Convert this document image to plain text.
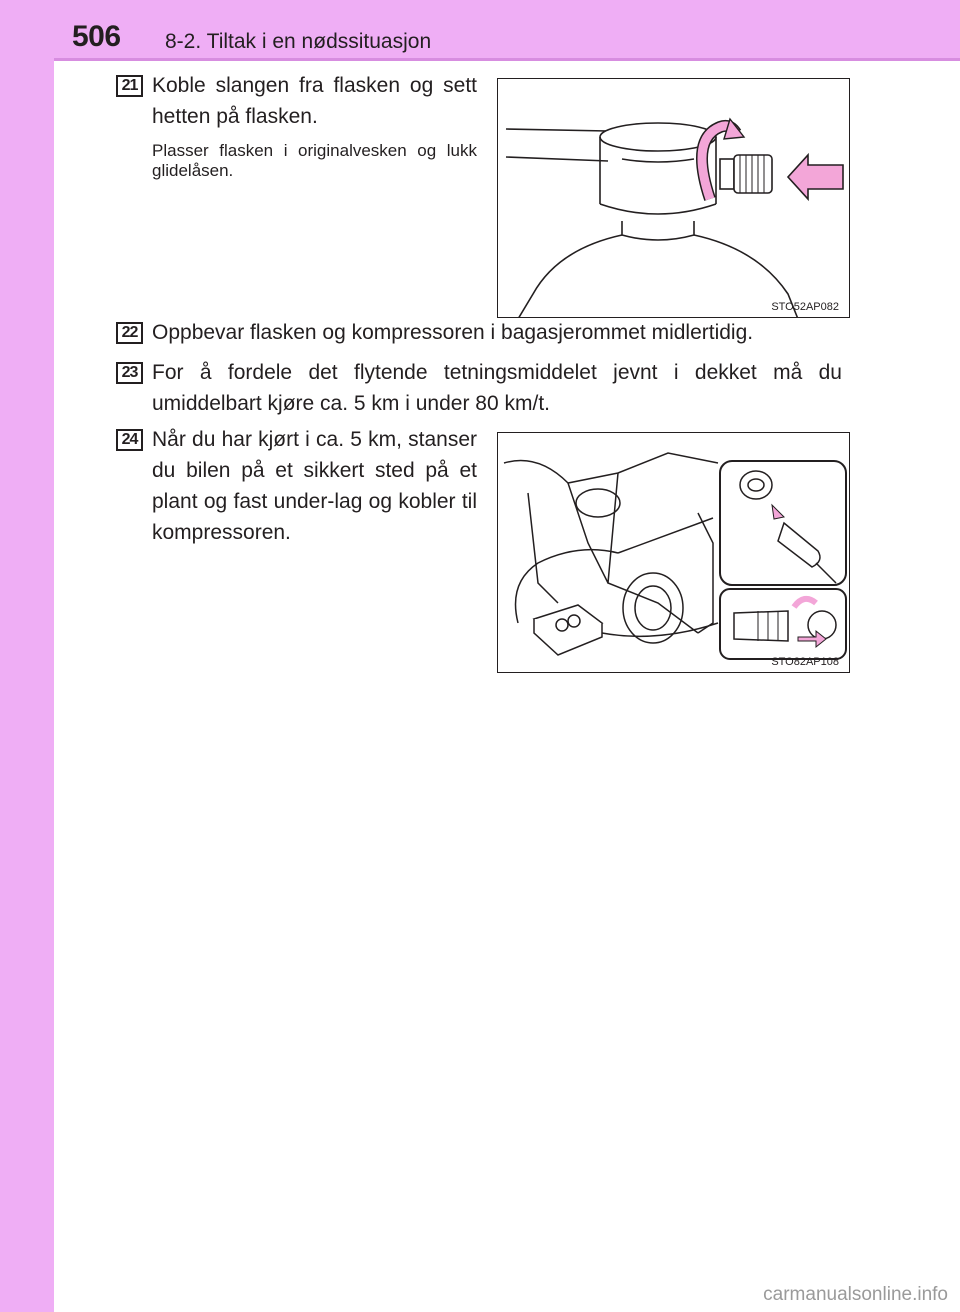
506 8-2. Tiltak i en nødssituasjon
21 Koble slangen fra flasken og sett hetten på flasken.
Plasser flasken i originalvesken og lukk glidelåsen.
STO52AP082
22 Oppbevar flasken og kompressoren i bagasjerommet midlertidig.
23 For å fordele det flytende tetningsmiddelet jevnt i dekket må du umiddelbart kjøre ca. 5 km i under 80 km/t.
24 Når du har kjørt i ca. 5 km, stanser du bilen på et sikkert sted på et plant og fast under-lag og kobler til kompressoren.
STO82AP108
carmanualsonline.info
